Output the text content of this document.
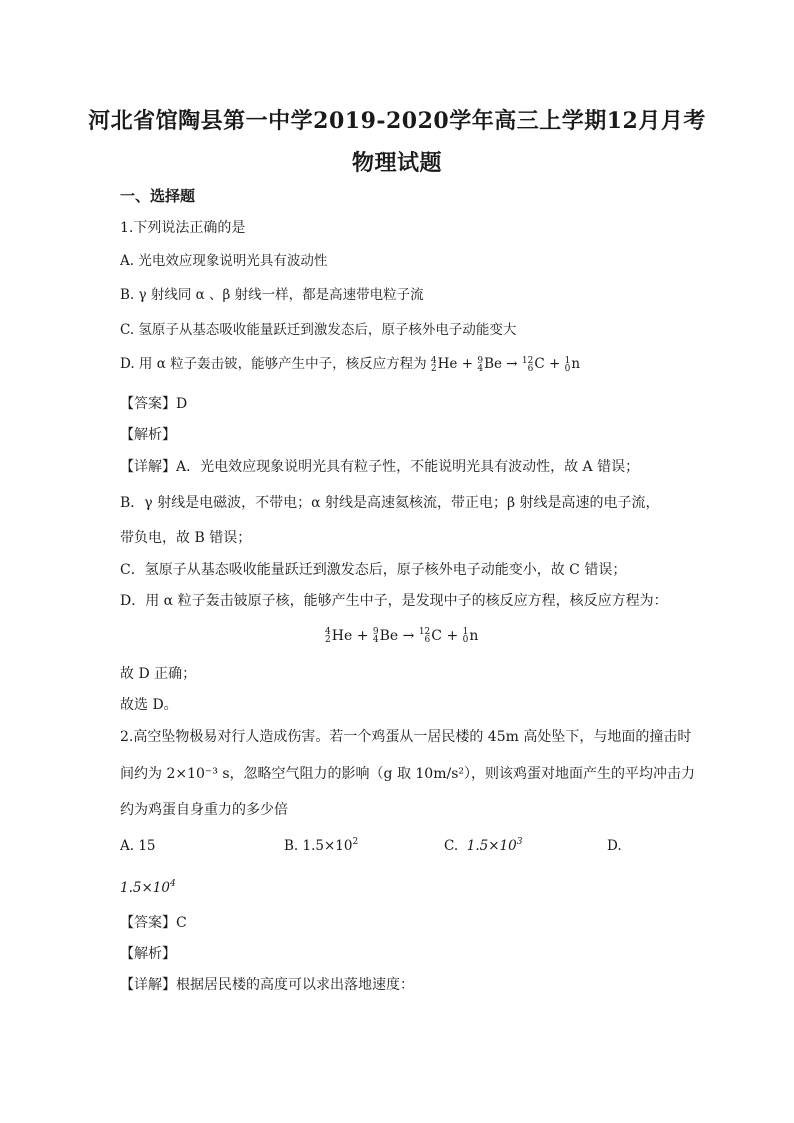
河北省馆陶县第一中学2019-2020学年高三上学期12月月考
物理试题
一、选择题
1.下列说法正确的是
A. 光电效应现象说明光具有波动性
B. γ 射线同 α 、β 射线一样，都是高速带电粒子流
C. 氢原子从基态吸收能量跃迁到激发态后，原子核外电子动能变大
D. 用 α 粒子轰击铍，能够产生中子，核反应方程为 4
2 He + 9
4 Be → 12
6 C + 1
0 n
【答案】D
【解析】
【详解】A．光电效应现象说明光具有粒子性，不能说明光具有波动性，故 A 错误；
B．γ 射线是电磁波，不带电；α 射线是高速氦核流，带正电；β 射线是高速的电子流，
带负电，故 B 错误；
C．氢原子从基态吸收能量跃迁到激发态后，原子核外电子动能变小，故 C 错误；
D．用 α 粒子轰击铍原子核，能够产生中子，是发现中子的核反应方程，核反应方程为：
4
2 He + 9
4 Be → 12
6 C + 1
0 n
故 D 正确；
故选 D。
2.高空坠物极易对行人造成伤害。若一个鸡蛋从一居民楼的 45m 高处坠下，与地面的撞击时
间约为 2×10⁻³ s，忽略空气阻力的影响（g 取 10m/s²），则该鸡蛋对地面产生的平均冲击力
约为鸡蛋自身重力的多少倍
A. 15	B. $1.5\times 10^2$	C. $1.5\times 10^3$	D.
$1.5\times 10^4$
【答案】C
【解析】
【详解】根据居民楼的高度可以求出落地速度：
